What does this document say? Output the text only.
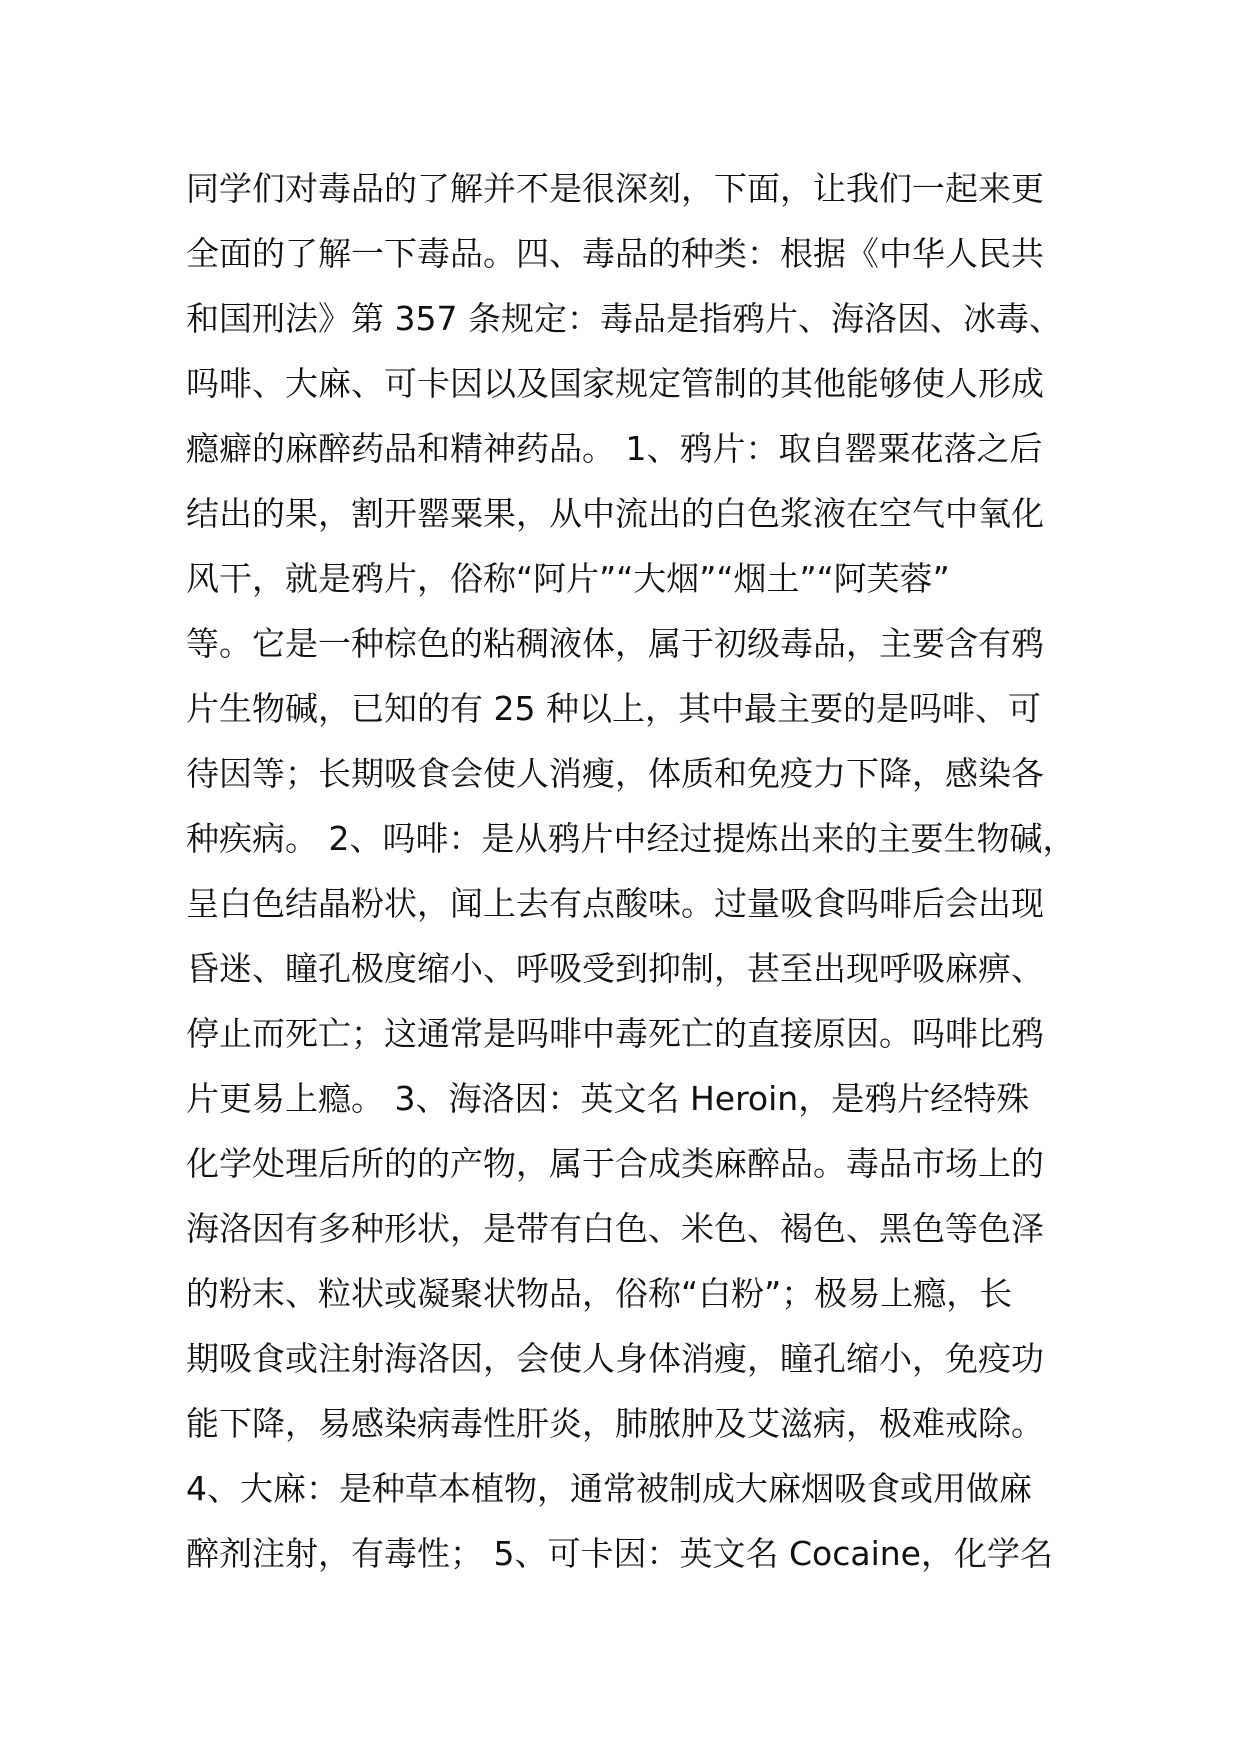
同学们对毒品的了解并不是很深刻，下面，让我们一起来更
全面的了解一下毒品。四、毒品的种类：根据《中华人民共
和国刑法》第 357 条规定：毒品是指鸦片、海洛因、冰毒、
吗啡、大麻、可卡因以及国家规定管制的其他能够使人形成
瘾癖的麻醉药品和精神药品。 1、鸦片：取自罂粟花落之后
结出的果，割开罂粟果，从中流出的白色浆液在空气中氧化
风干，就是鸦片，俗称“阿片”“大烟”“烟土”“阿芙蓉”
等。它是一种棕色的粘稠液体，属于初级毒品，主要含有鸦
片生物碱，已知的有 25 种以上，其中最主要的是吗啡、可
待因等；长期吸食会使人消瘦，体质和免疫力下降，感染各
种疾病。 2、吗啡：是从鸦片中经过提炼出来的主要生物碱，
呈白色结晶粉状，闻上去有点酸味。过量吸食吗啡后会出现
昏迷、瞳孔极度缩小、呼吸受到抑制，甚至出现呼吸麻痹、
停止而死亡；这通常是吗啡中毒死亡的直接原因。吗啡比鸦
片更易上瘾。 3、海洛因：英文名 Heroin，是鸦片经特殊
化学处理后所的的产物，属于合成类麻醉品。毒品市场上的
海洛因有多种形状，是带有白色、米色、褐色、黑色等色泽
的粉末、粒状或凝聚状物品，俗称“白粉”；极易上瘾，长
期吸食或注射海洛因，会使人身体消瘦，瞳孔缩小，免疫功
能下降，易感染病毒性肝炎，肺脓肿及艾滋病，极难戒除。
4、大麻：是种草本植物，通常被制成大麻烟吸食或用做麻
醉剂注射，有毒性； 5、可卡因：英文名 Cocaine，化学名
